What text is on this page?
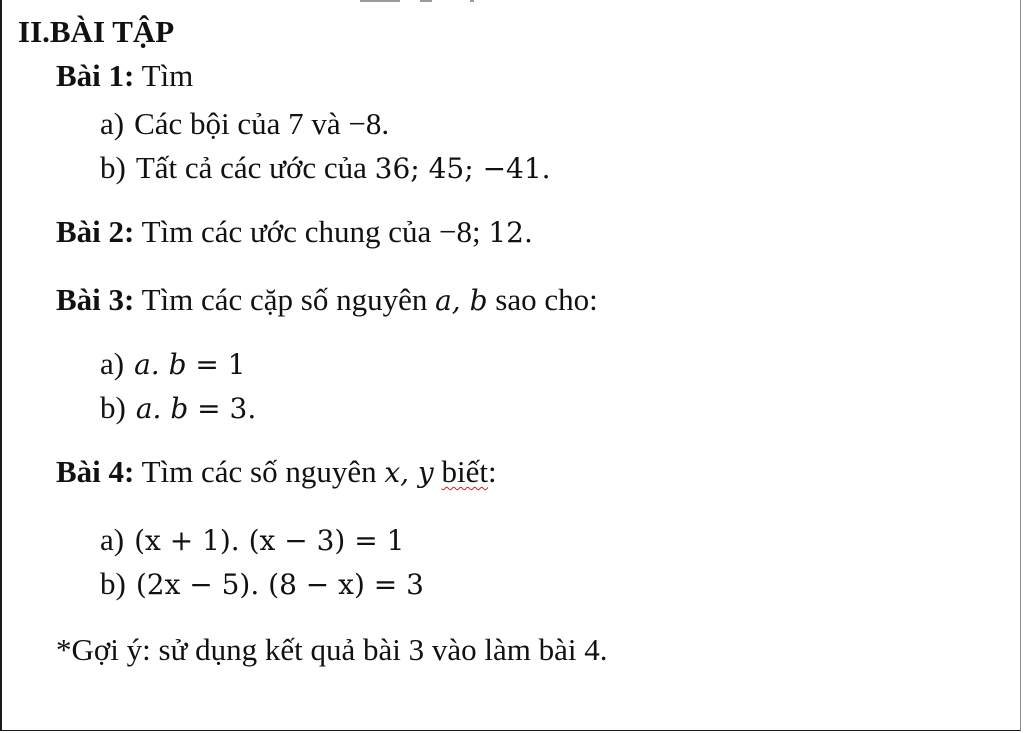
II.BÀI TẬP
Bài 1: Tìm
a) Các bội của 7 và −8.
b) Tất cả các ước của 36; 45; −41.
Bài 2: Tìm các ước chung của −8; 12.
Bài 3: Tìm các cặp số nguyên a, b sao cho:
a) a. b = 1
b) a. b = 3.
Bài 4: Tìm các số nguyên x, y biết:
a) (x + 1). (x − 3) = 1
b) (2x − 5). (8 − x) = 3
*Gợi ý: sử dụng kết quả bài 3 vào làm bài 4.
